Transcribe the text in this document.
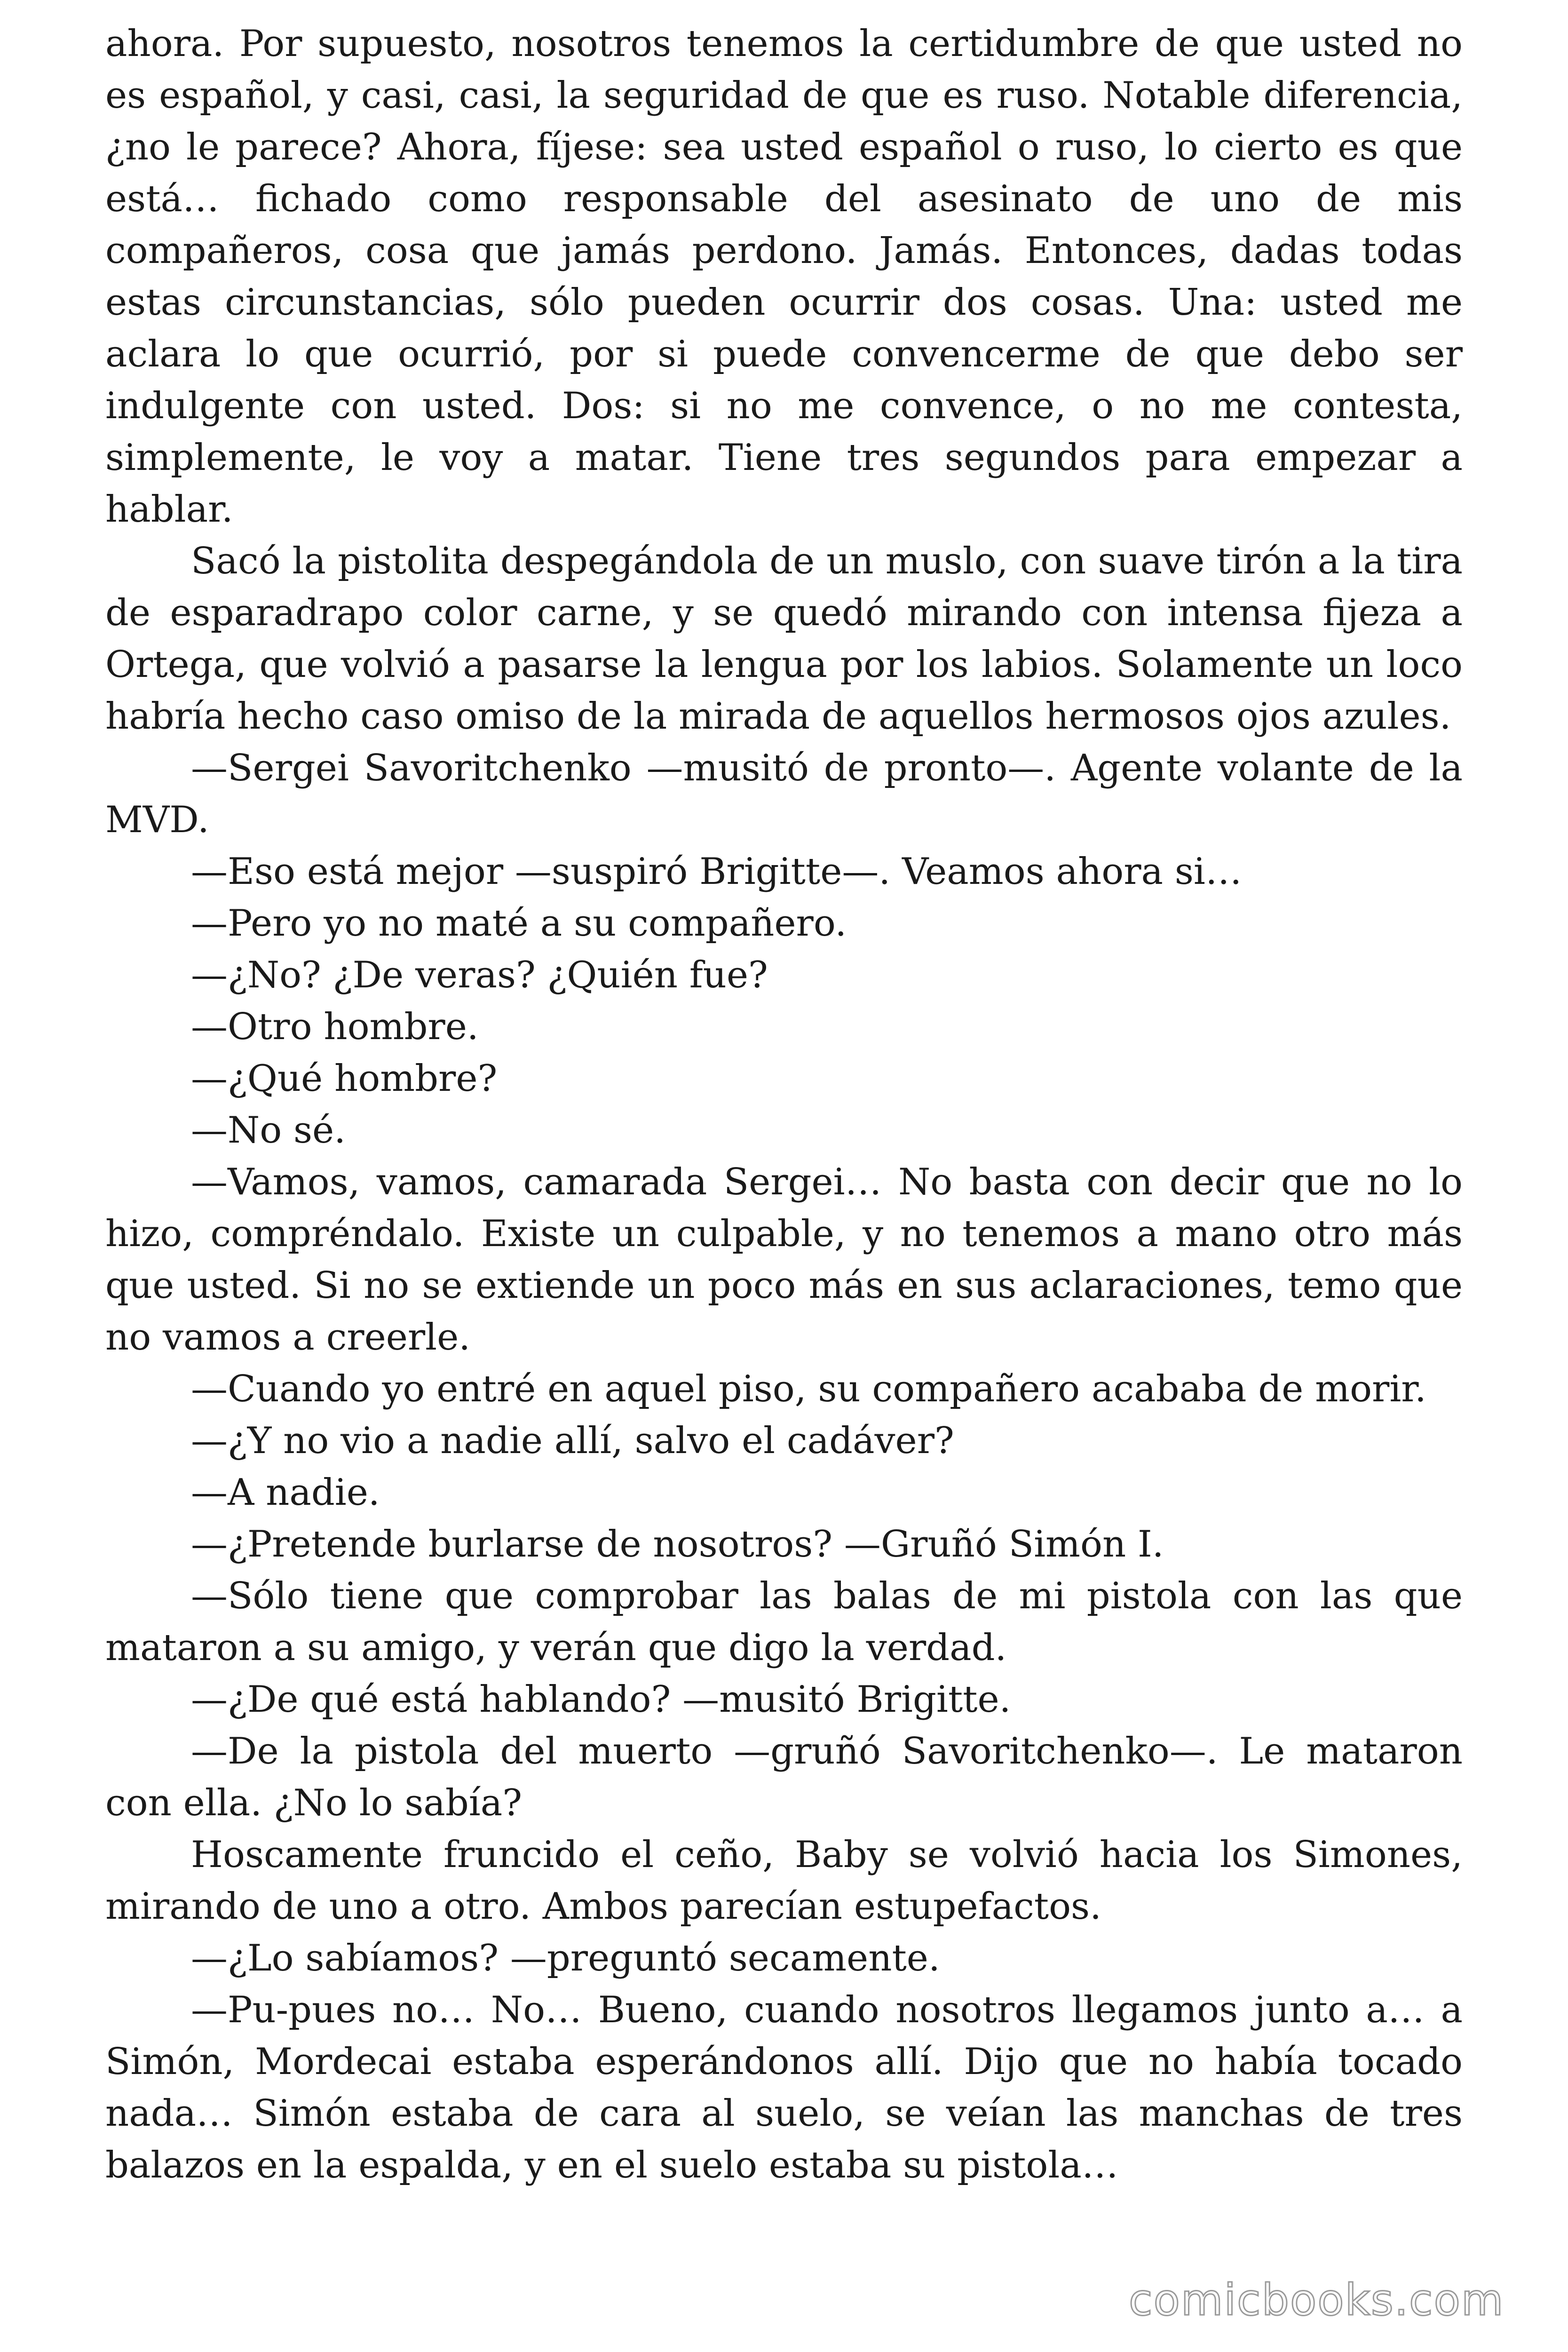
ahora. Por supuesto, nosotros tenemos la certidumbre de que usted no es español, y casi, casi, la seguridad de que es ruso. Notable diferencia, ¿no le parece? Ahora, fíjese: sea usted español o ruso, lo cierto es que está… fichado como responsable del asesinato de uno de mis compañeros, cosa que jamás perdono. Jamás. Entonces, dadas todas estas circunstancias, sólo pueden ocurrir dos cosas. Una: usted me aclara lo que ocurrió, por si puede convencerme de que debo ser indulgente con usted. Dos: si no me convence, o no me contesta, simplemente, le voy a matar. Tiene tres segundos para empezar a hablar.

Sacó la pistolita despegándola de un muslo, con suave tirón a la tira de esparadrapo color carne, y se quedó mirando con intensa fijeza a Ortega, que volvió a pasarse la lengua por los labios. Solamente un loco habría hecho caso omiso de la mirada de aquellos hermosos ojos azules.

—Sergei Savoritchenko —musitó de pronto—. Agente volante de la MVD.

—Eso está mejor —suspiró Brigitte—. Veamos ahora si…

—Pero yo no maté a su compañero.

—¿No? ¿De veras? ¿Quién fue?

—Otro hombre.

—¿Qué hombre?

—No sé.

—Vamos, vamos, camarada Sergei… No basta con decir que no lo hizo, compréndalo. Existe un culpable, y no tenemos a mano otro más que usted. Si no se extiende un poco más en sus aclaraciones, temo que no vamos a creerle.

—Cuando yo entré en aquel piso, su compañero acababa de morir.

—¿Y no vio a nadie allí, salvo el cadáver?

—A nadie.

—¿Pretende burlarse de nosotros? —Gruñó Simón I.

—Sólo tiene que comprobar las balas de mi pistola con las que mataron a su amigo, y verán que digo la verdad.

—¿De qué está hablando? —musitó Brigitte.

—De la pistola del muerto —gruñó Savoritchenko—. Le mataron con ella. ¿No lo sabía?

Hoscamente fruncido el ceño, Baby se volvió hacia los Simones, mirando de uno a otro. Ambos parecían estupefactos.

—¿Lo sabíamos? —preguntó secamente.

—Pu-pues no… No… Bueno, cuando nosotros llegamos junto a… a Simón, Mordecai estaba esperándonos allí. Dijo que no había tocado nada… Simón estaba de cara al suelo, se veían las manchas de tres balazos en la espalda, y en el suelo estaba su pistola…

comicbooks.com
